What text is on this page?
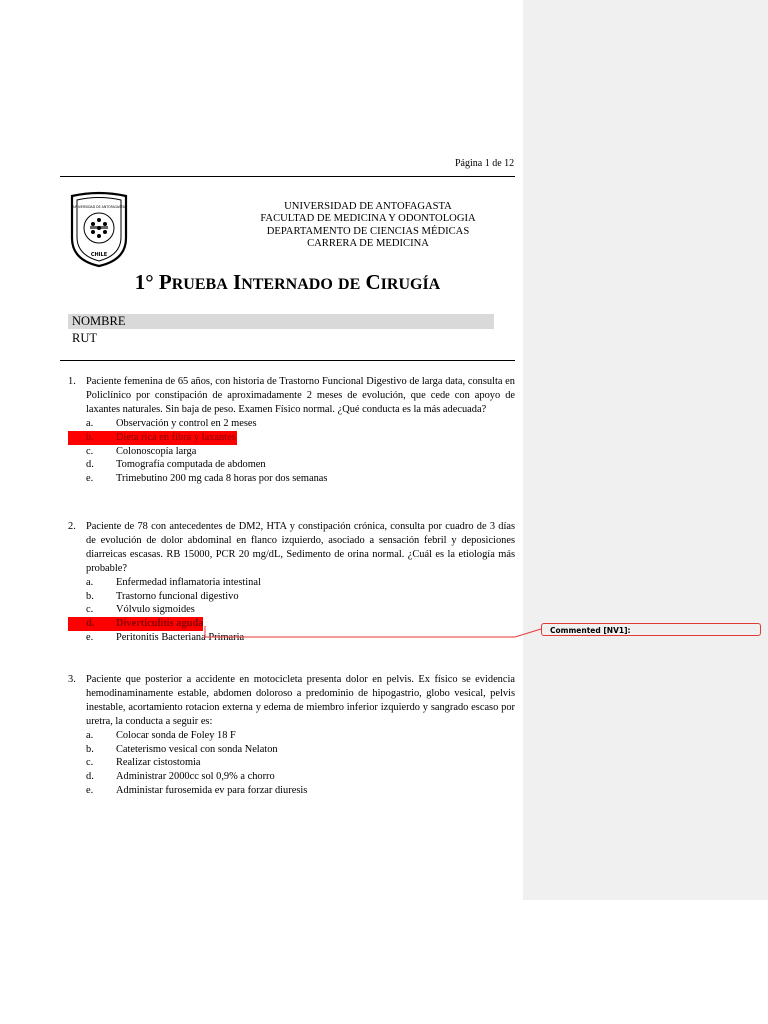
Página 1 de 12
CHILE
UNIVERSIDAD DE ANTOFAGASTA	UNIVERSIDAD DE ANTOFAGASTA
FACULTAD DE MEDICINA Y ODONTOLOGIA
DEPARTAMENTO DE CIENCIAS MÉDICAS
CARRERA DE MEDICINA
1° PRUEBA INTERNADO DE CIRUGÍA
NOMBRE
RUT
1. Paciente femenina de 65 años, con historia de Trastorno Funcional Digestivo de larga data, consulta en Policlínico por constipación de aproximadamente 2 meses de evolución, que cede con apoyo de laxantes naturales. Sin baja de peso. Examen Físico normal. ¿Qué conducta es la más adecuada?
a.	Observación y control en 2 meses
b.	Dieta rica en fibra y laxantes
c.	Colonoscopía larga
d.	Tomografía computada de abdomen
e.	Trimebutino 200 mg cada 8 horas por dos semanas
2. Paciente de 78 con antecedentes de DM2, HTA y constipación crónica, consulta por cuadro de 3 días de evolución de dolor abdominal en flanco izquierdo, asociado a sensación febril y deposiciones diarreicas escasas. RB 15000, PCR 20 mg/dL, Sedimento de orina normal. ¿Cuál es la etiología más probable?
a.	Enfermedad inflamatoria intestinal
b.	Trastorno funcional digestivo
c.	Vólvulo sigmoides
d.	Diverticulitis aguda
e.	Peritonitis Bacteriana Primaria
3. Paciente que posterior a accidente en motocicleta presenta dolor en pelvis. Ex físico se evidencia hemodinaminamente estable, abdomen doloroso a predominio de hipogastrio, globo vesical, pelvis inestable, acortamiento rotacion externa y edema de miembro inferior izquierdo y sangrado escaso por uretra, la conducta a seguir es:
a.	Colocar sonda de Foley 18 F
b.	Cateterismo vesical con sonda Nelaton
c.	Realizar cistostomia
d.	Administrar 2000cc sol 0,9% a chorro
e.	Administar furosemida ev para forzar diuresis
Commented [NV1]:
